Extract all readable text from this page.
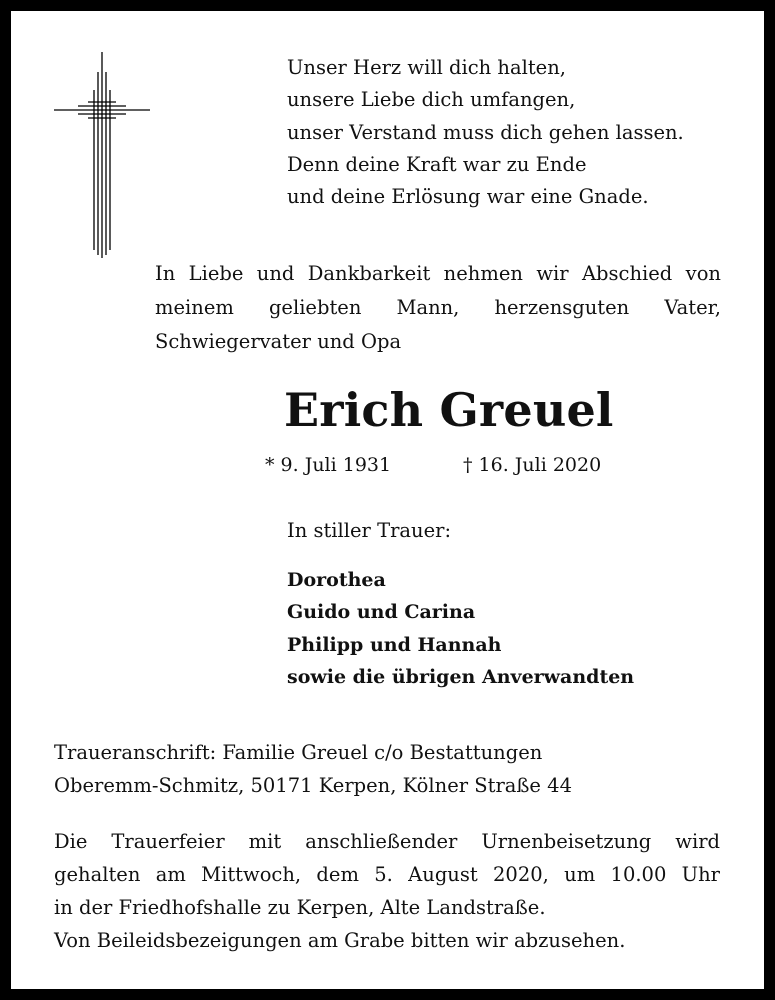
Unser Herz will dich halten,
unsere Liebe dich umfangen,
unser Verstand muss dich gehen lassen.
Denn deine Kraft war zu Ende
und deine Erlösung war eine Gnade.
In Liebe und Dankbarkeit nehmen wir Abschied von
meinem geliebten Mann, herzensguten Vater,
Schwiegervater und Opa
Erich Greuel
* 9. Juli 1931	† 16. Juli 2020
In stiller Trauer:
Dorothea
Guido und Carina
Philipp und Hannah
sowie die übrigen Anverwandten
Traueranschrift: Familie Greuel c/o Bestattungen
Oberemm-Schmitz, 50171 Kerpen, Kölner Straße 44
Die Trauerfeier mit anschließender Urnenbeisetzung wird
gehalten am Mittwoch, dem 5. August 2020, um 10.00 Uhr
in der Friedhofshalle zu Kerpen, Alte Landstraße.
Von Beileidsbezeigungen am Grabe bitten wir abzusehen.
